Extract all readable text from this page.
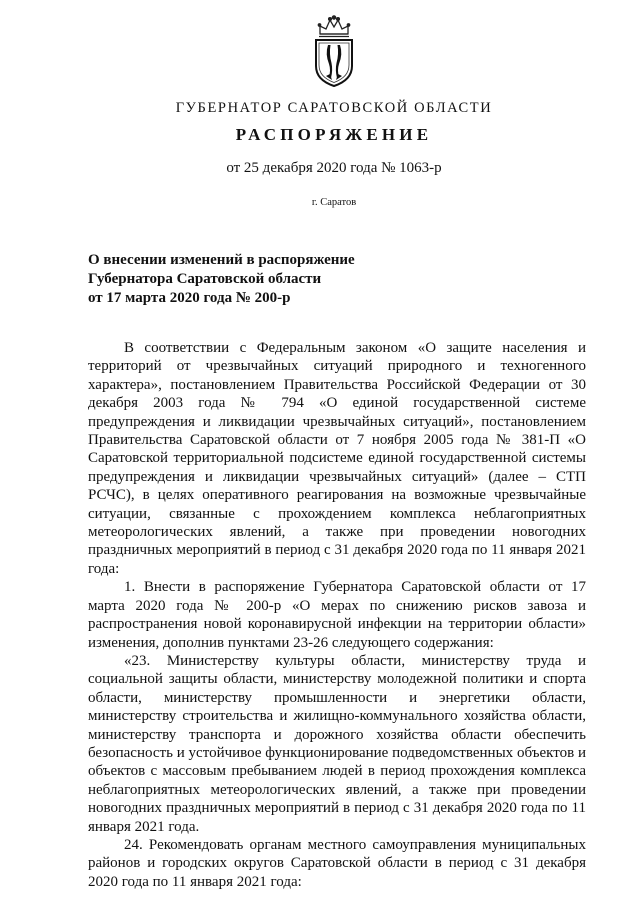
ГУБЕРНАТОР САРАТОВСКОЙ ОБЛАСТИ
РАСПОРЯЖЕНИЕ
от 25 декабря 2020 года № 1063-р
г. Саратов
О внесении изменений в распоряжение
Губернатора Саратовской области
от 17 марта 2020 года № 200-р

В соответствии с Федеральным законом «О защите населения и территорий от чрезвычайных ситуаций природного и техногенного характера», постановлением Правительства Российской Федерации от 30 декабря 2003 года № 794 «О единой государственной системе предупреждения и ликвидации чрезвычайных ситуаций», постановлением Правительства Саратовской области от 7 ноября 2005 года № 381-П «О Саратовской территориальной подсистеме единой государственной системы предупреждения и ликвидации чрезвычайных ситуаций» (далее – СТП РСЧС), в целях оперативного реагирования на возможные чрезвычайные ситуации, связанные с прохождением комплекса неблагоприятных метеорологических явлений, а также при проведении новогодних праздничных мероприятий в период с 31 декабря 2020 года по 11 января 2021 года:

1. Внести в распоряжение Губернатора Саратовской области от 17 марта 2020 года № 200-р «О мерах по снижению рисков завоза и распространения новой коронавирусной инфекции на территории области» изменения, дополнив пунктами 23-26 следующего содержания:

«23. Министерству культуры области, министерству труда и социальной защиты области, министерству молодежной политики и спорта области, министерству промышленности и энергетики области, министерству строительства и жилищно-коммунального хозяйства области, министерству транспорта и дорожного хозяйства области обеспечить безопасность и устойчивое функционирование подведомственных объектов и объектов с массовым пребыванием людей в период прохождения комплекса неблагоприятных метеорологических явлений, а также при проведении новогодних праздничных мероприятий в период с 31 декабря 2020 года по 11 января 2021 года.

24. Рекомендовать органам местного самоуправления муниципальных районов и городских округов Саратовской области в период с 31 декабря 2020 года по 11 января 2021 года:
